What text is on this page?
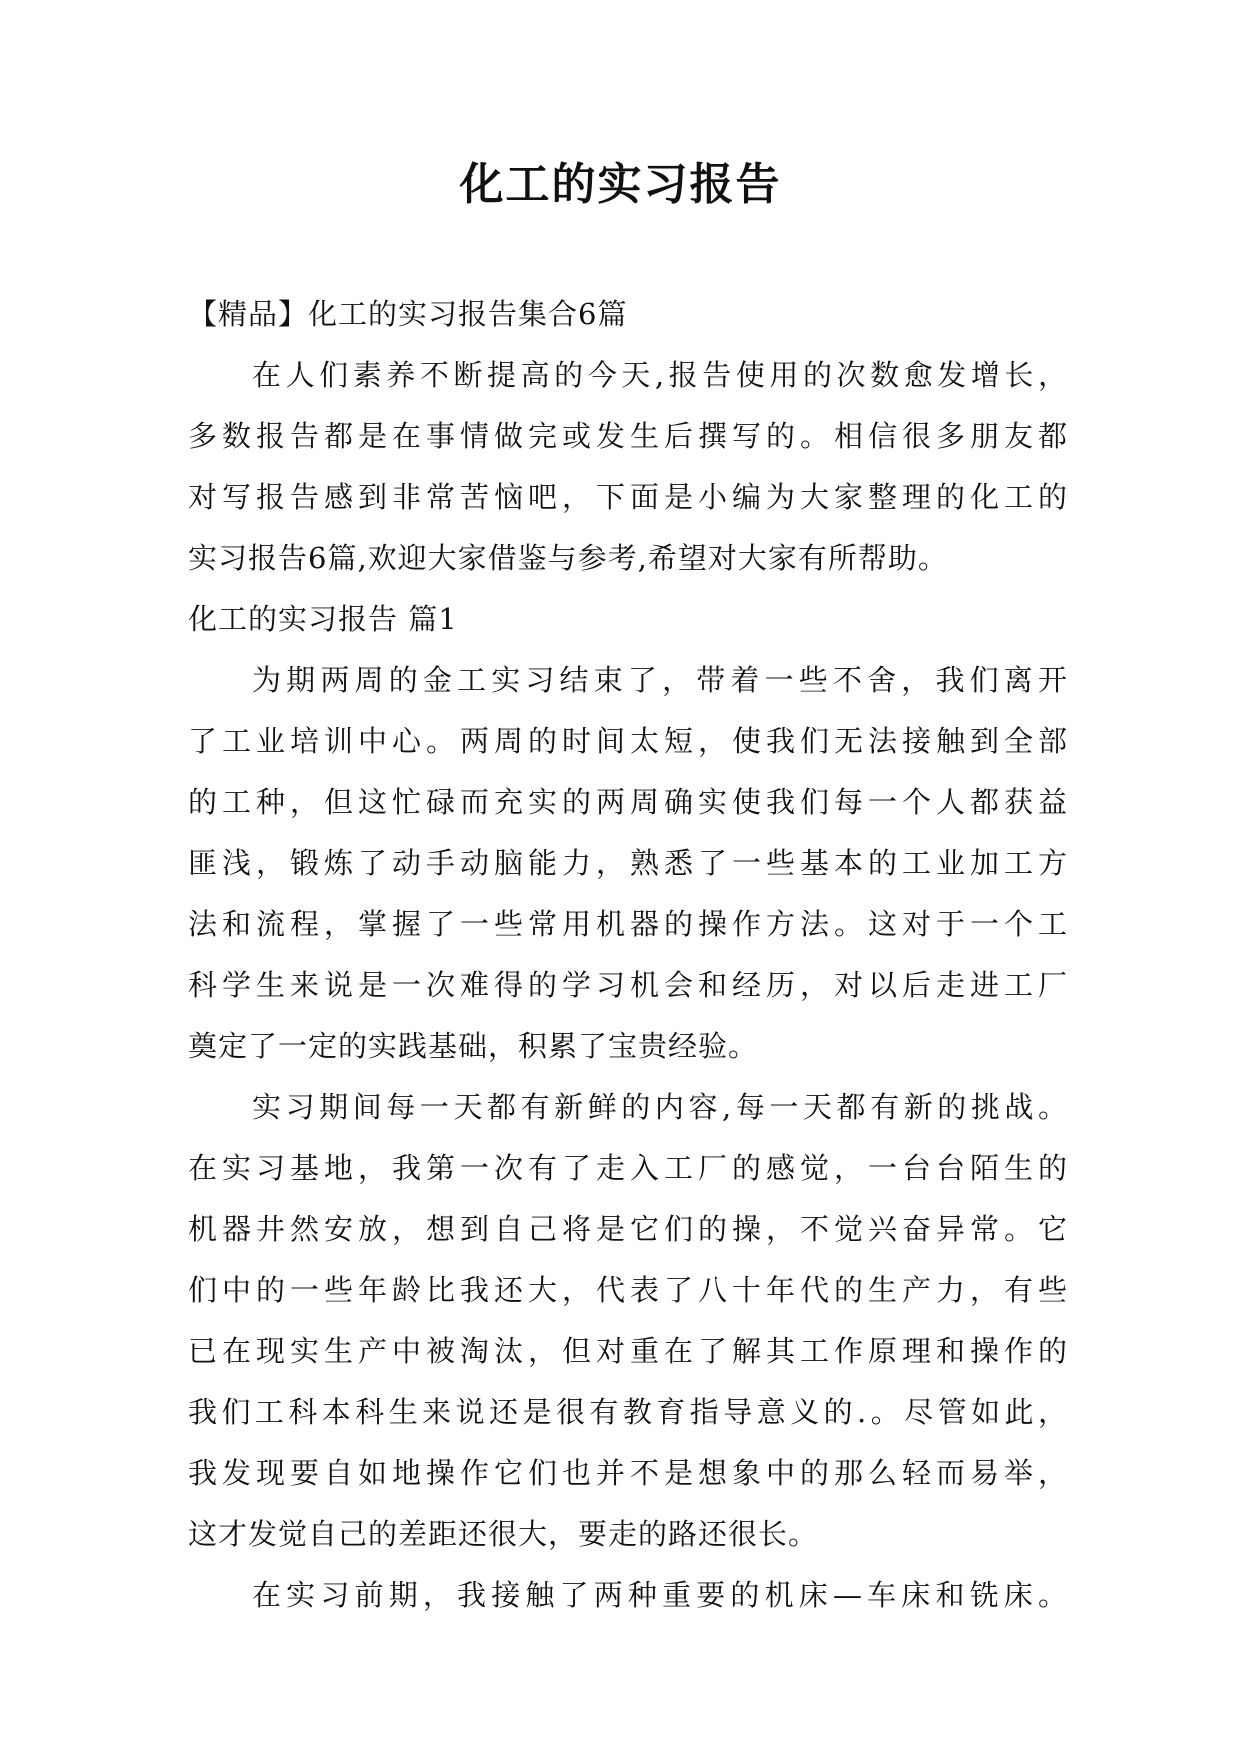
化工的实习报告
【精品】化工的实习报告集合6篇
在人们素养不断提高的今天,报告使用的次数愈发增长，
多数报告都是在事情做完或发生后撰写的。相信很多朋友都
对写报告感到非常苦恼吧，下面是小编为大家整理的化工的
实习报告6篇,欢迎大家借鉴与参考,希望对大家有所帮助。
化工的实习报告 篇1
为期两周的金工实习结束了，带着一些不舍，我们离开
了工业培训中心。两周的时间太短，使我们无法接触到全部
的工种，但这忙碌而充实的两周确实使我们每一个人都获益
匪浅，锻炼了动手动脑能力，熟悉了一些基本的工业加工方
法和流程，掌握了一些常用机器的操作方法。这对于一个工
科学生来说是一次难得的学习机会和经历，对以后走进工厂
奠定了一定的实践基础，积累了宝贵经验。
实习期间每一天都有新鲜的内容,每一天都有新的挑战。
在实习基地，我第一次有了走入工厂的感觉，一台台陌生的
机器井然安放，想到自己将是它们的操，不觉兴奋异常。它
们中的一些年龄比我还大，代表了八十年代的生产力，有些
已在现实生产中被淘汰，但对重在了解其工作原理和操作的
我们工科本科生来说还是很有教育指导意义的.。尽管如此，
我发现要自如地操作它们也并不是想象中的那么轻而易举，
这才发觉自己的差距还很大，要走的路还很长。
在实习前期，我接触了两种重要的机床—车床和铣床。
